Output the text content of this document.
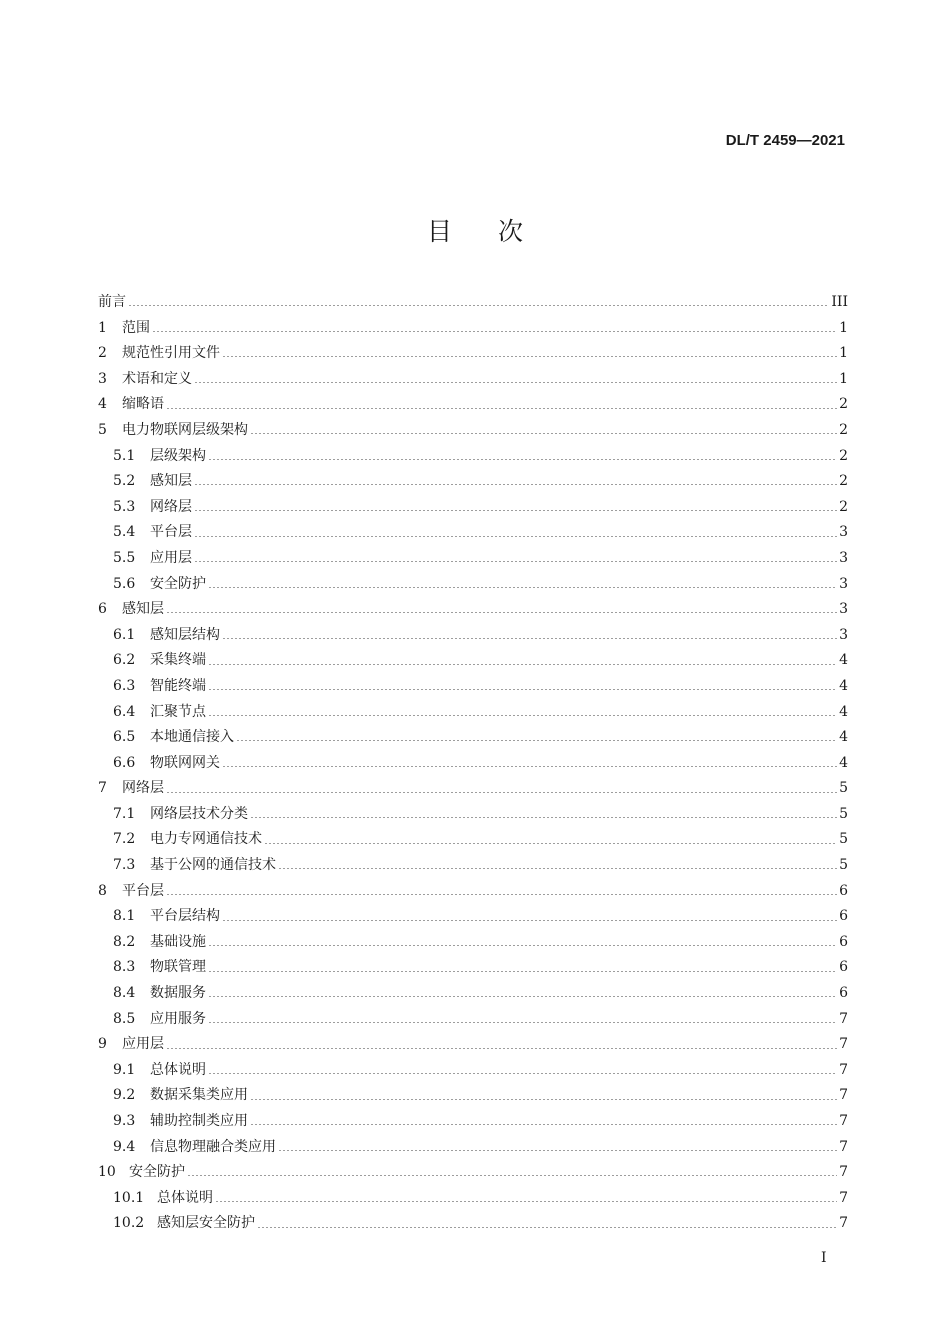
DL/T 2459—2021
目次
前言	III
1	范围	1
2	规范性引用文件	1
3	术语和定义	1
4	缩略语	2
5	电力物联网层级架构	2
5.1	层级架构	2
5.2	感知层	2
5.3	网络层	2
5.4	平台层	3
5.5	应用层	3
5.6	安全防护	3
6	感知层	3
6.1	感知层结构	3
6.2	采集终端	4
6.3	智能终端	4
6.4	汇聚节点	4
6.5	本地通信接入	4
6.6	物联网网关	4
7	网络层	5
7.1	网络层技术分类	5
7.2	电力专网通信技术	5
7.3	基于公网的通信技术	5
8	平台层	6
8.1	平台层结构	6
8.2	基础设施	6
8.3	物联管理	6
8.4	数据服务	6
8.5	应用服务	7
9	应用层	7
9.1	总体说明	7
9.2	数据采集类应用	7
9.3	辅助控制类应用	7
9.4	信息物理融合类应用	7
10 安全防护	7
10.1 总体说明	7
10.2 感知层安全防护	7
I
